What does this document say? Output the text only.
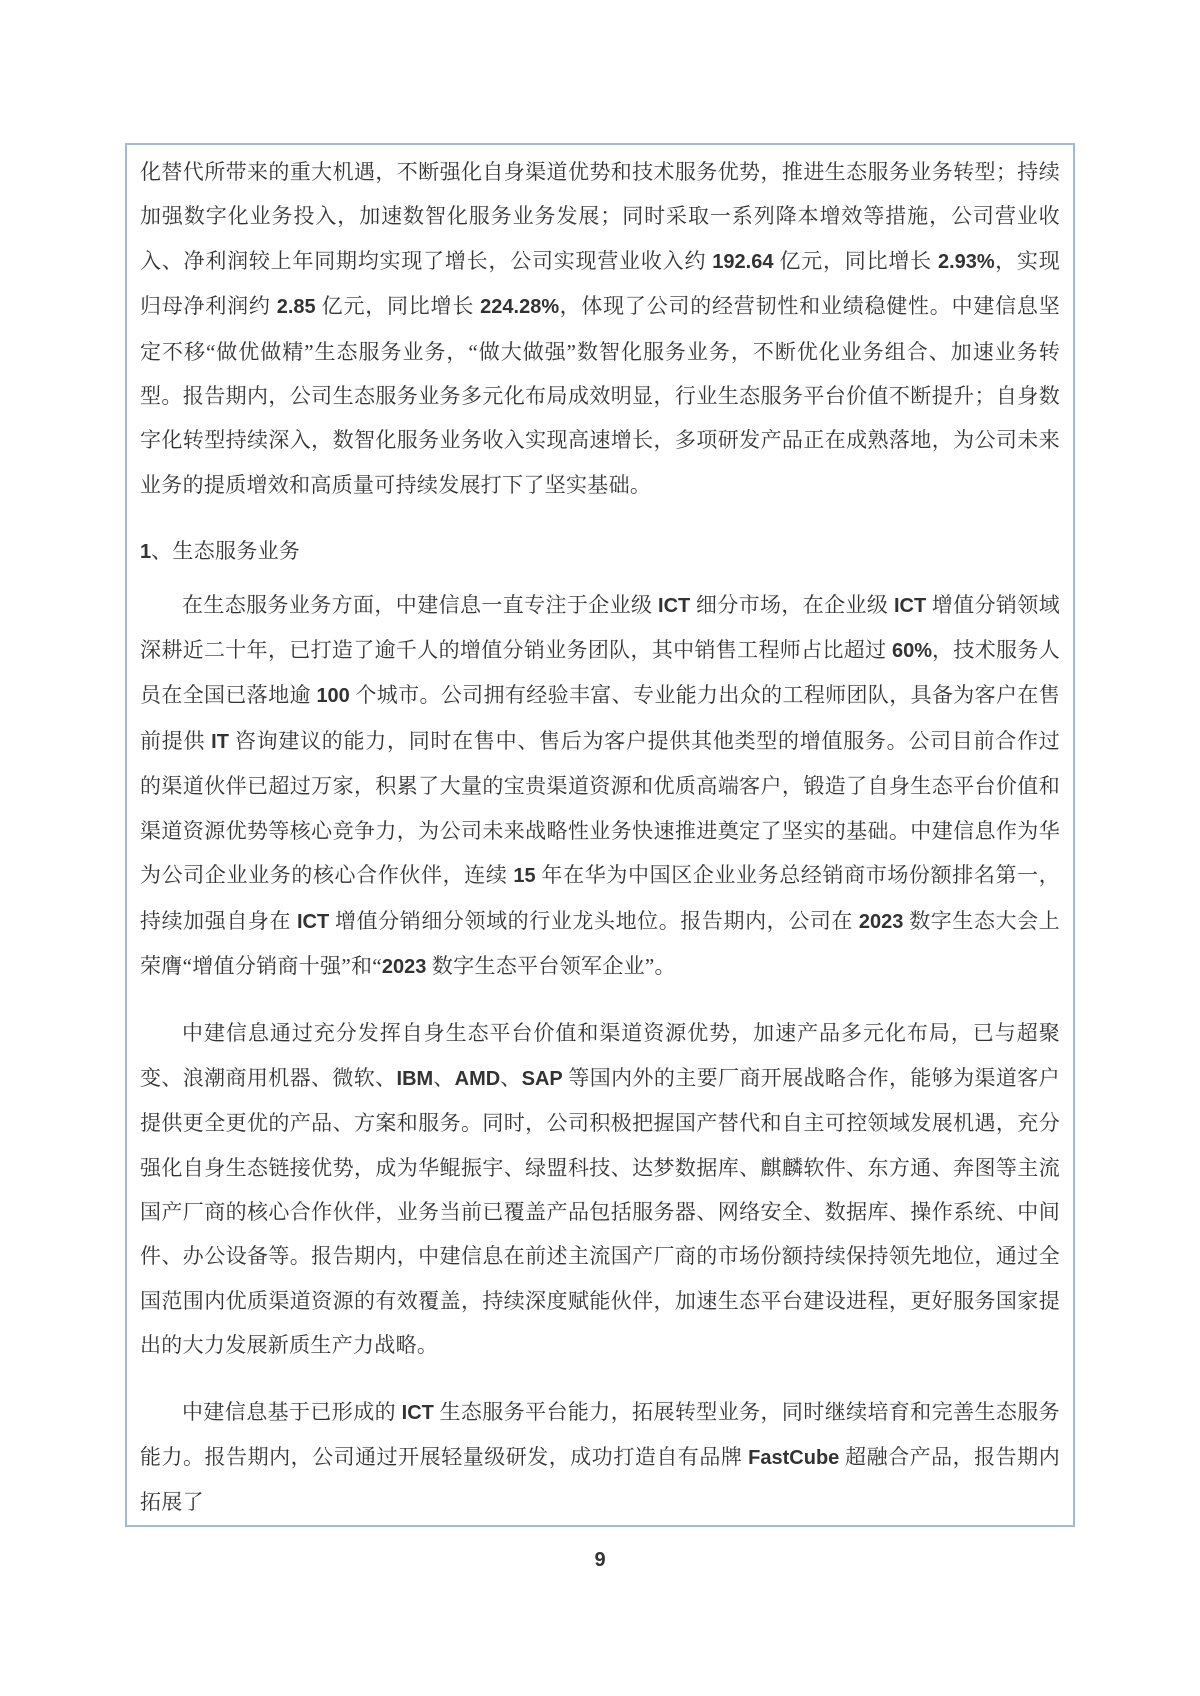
化替代所带来的重大机遇，不断强化自身渠道优势和技术服务优势，推进生态服务业务转型；持续加强数字化业务投入，加速数智化服务业务发展；同时采取一系列降本增效等措施，公司营业收入、净利润较上年同期均实现了增长，公司实现营业收入约 192.64 亿元，同比增长 2.93%，实现归母净利润约 2.85 亿元，同比增长 224.28%，体现了公司的经营韧性和业绩稳健性。中建信息坚定不移“做优做精”生态服务业务，“做大做强”数智化服务业务，不断优化业务组合、加速业务转型。报告期内，公司生态服务业务多元化布局成效明显，行业生态服务平台价值不断提升；自身数字化转型持续深入，数智化服务业务收入实现高速增长，多项研发产品正在成熟落地，为公司未来业务的提质增效和高质量可持续发展打下了坚实基础。

1、生态服务业务

在生态服务业务方面，中建信息一直专注于企业级 ICT 细分市场，在企业级 ICT 增值分销领域深耕近二十年，已打造了逾千人的增值分销业务团队，其中销售工程师占比超过 60%，技术服务人员在全国已落地逾 100 个城市。公司拥有经验丰富、专业能力出众的工程师团队，具备为客户在售前提供 IT 咨询建议的能力，同时在售中、售后为客户提供其他类型的增值服务。公司目前合作过的渠道伙伴已超过万家，积累了大量的宝贵渠道资源和优质高端客户，锻造了自身生态平台价值和渠道资源优势等核心竞争力，为公司未来战略性业务快速推进奠定了坚实的基础。中建信息作为华为公司企业业务的核心合作伙伴，连续 15 年在华为中国区企业业务总经销商市场份额排名第一，持续加强自身在 ICT 增值分销细分领域的行业龙头地位。报告期内，公司在 2023 数字生态大会上荣膺“增值分销商十强”和“2023 数字生态平台领军企业”。

中建信息通过充分发挥自身生态平台价值和渠道资源优势，加速产品多元化布局，已与超聚变、浪潮商用机器、微软、IBM、AMD、SAP 等国内外的主要厂商开展战略合作，能够为渠道客户提供更全更优的产品、方案和服务。同时，公司积极把握国产替代和自主可控领域发展机遇，充分强化自身生态链接优势，成为华鲲振宇、绿盟科技、达梦数据库、麒麟软件、东方通、奔图等主流国产厂商的核心合作伙伴，业务当前已覆盖产品包括服务器、网络安全、数据库、操作系统、中间件、办公设备等。报告期内，中建信息在前述主流国产厂商的市场份额持续保持领先地位，通过全国范围内优质渠道资源的有效覆盖，持续深度赋能伙伴，加速生态平台建设进程，更好服务国家提出的大力发展新质生产力战略。

中建信息基于已形成的 ICT 生态服务平台能力，拓展转型业务，同时继续培育和完善生态服务能力。报告期内，公司通过开展轻量级研发，成功打造自有品牌 FastCube 超融合产品，报告期内拓展了

9
